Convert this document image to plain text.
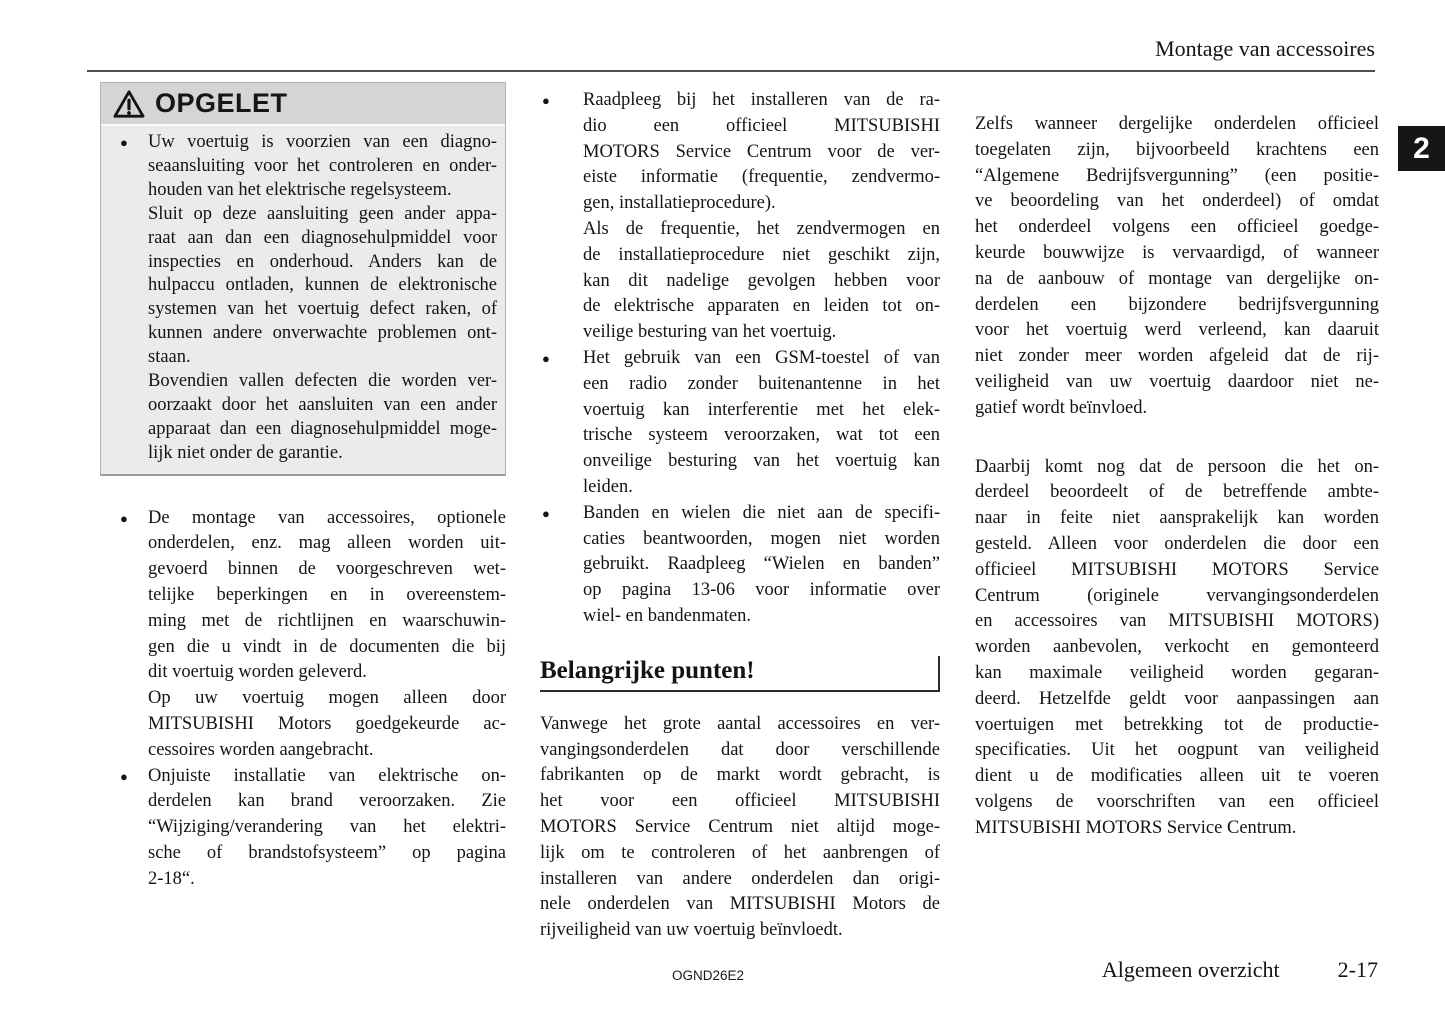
Montage van accessoires
2
OPGELET
●	Uw voertuig is voorzien van een diagno-
seaansluiting voor het controleren en onder-
houden van het elektrische regelsysteem.
Sluit op deze aansluiting geen ander appa-
raat aan dan een diagnosehulpmiddel voor
inspecties en onderhoud. Anders kan de
hulpaccu ontladen, kunnen de elektronische
systemen van het voertuig defect raken, of
kunnen andere onverwachte problemen ont-
staan.
Bovendien vallen defecten die worden ver-
oorzaakt door het aansluiten van een ander
apparaat dan een diagnosehulpmiddel moge-
lijk niet onder de garantie.
●	De montage van accessoires, optionele
onderdelen, enz. mag alleen worden uit-
gevoerd binnen de voorgeschreven wet-
telijke beperkingen en in overeenstem-
ming met de richtlijnen en waarschuwin-
gen die u vindt in de documenten die bij
dit voertuig worden geleverd.
Op uw voertuig mogen alleen door
MITSUBISHI Motors goedgekeurde ac-
cessoires worden aangebracht.
●	Onjuiste installatie van elektrische on-
derdelen kan brand veroorzaken. Zie
“Wijziging/verandering van het elektri-
sche of brandstofsysteem” op pagina
2-18“.
●	Raadpleeg bij het installeren van de ra-
dio een officieel MITSUBISHI
MOTORS Service Centrum voor de ver-
eiste informatie (frequentie, zendvermo-
gen, installatieprocedure).
Als de frequentie, het zendvermogen en
de installatieprocedure niet geschikt zijn,
kan dit nadelige gevolgen hebben voor
de elektrische apparaten en leiden tot on-
veilige besturing van het voertuig.
●	Het gebruik van een GSM-toestel of van
een radio zonder buitenantenne in het
voertuig kan interferentie met het elek-
trische systeem veroorzaken, wat tot een
onveilige besturing van het voertuig kan
leiden.
●	Banden en wielen die niet aan de specifi-
caties beantwoorden, mogen niet worden
gebruikt. Raadpleeg “Wielen en banden”
op pagina 13-06 voor informatie over
wiel- en bandenmaten.
Belangrijke punten!
Vanwege het grote aantal accessoires en ver-
vangingsonderdelen dat door verschillende
fabrikanten op de markt wordt gebracht, is
het voor een officieel MITSUBISHI
MOTORS Service Centrum niet altijd moge-
lijk om te controleren of het aanbrengen of
installeren van andere onderdelen dan origi-
nele onderdelen van MITSUBISHI Motors de
rijveiligheid van uw voertuig beïnvloedt.
Zelfs wanneer dergelijke onderdelen officieel
toegelaten zijn, bijvoorbeeld krachtens een
“Algemene Bedrijfsvergunning” (een positie-
ve beoordeling van het onderdeel) of omdat
het onderdeel volgens een officieel goedge-
keurde bouwwijze is vervaardigd, of wanneer
na de aanbouw of montage van dergelijke on-
derdelen een bijzondere bedrijfsvergunning
voor het voertuig werd verleend, kan daaruit
niet zonder meer worden afgeleid dat de rij-
veiligheid van uw voertuig daardoor niet ne-
gatief wordt beïnvloed.
Daarbij komt nog dat de persoon die het on-
derdeel beoordeelt of de betreffende ambte-
naar in feite niet aansprakelijk kan worden
gesteld. Alleen voor onderdelen die door een
officieel MITSUBISHI MOTORS Service
Centrum (originele vervangingsonderdelen
en accessoires van MITSUBISHI MOTORS)
worden aanbevolen, verkocht en gemonteerd
kan maximale veiligheid worden gegaran-
deerd. Hetzelfde geldt voor aanpassingen aan
voertuigen met betrekking tot de productie-
specificaties. Uit het oogpunt van veiligheid
dient u de modificaties alleen uit te voeren
volgens de voorschriften van een officieel
MITSUBISHI MOTORS Service Centrum.
OGND26E2	Algemeen overzicht	2-17
